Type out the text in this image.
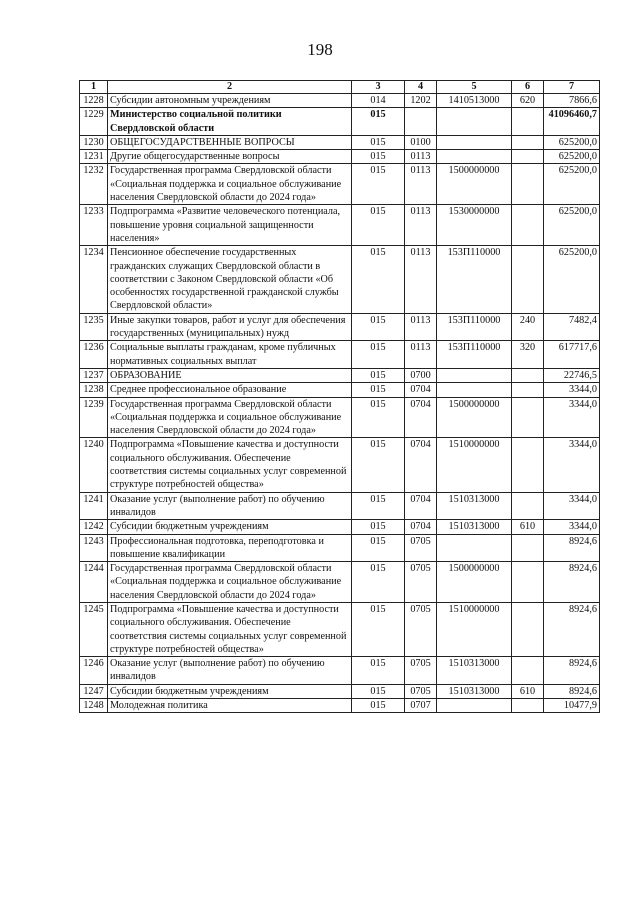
198
1	2	3	4	5	6	7
1228	Субсидии автономным учреждениям	014	1202	1410513000	620	7866,6
1229	Министерство социальной политики Свердловской области	015				41096460,7
1230	ОБЩЕГОСУДАРСТВЕННЫЕ ВОПРОСЫ	015	0100			625200,0
1231	Другие общегосударственные вопросы	015	0113			625200,0
1232	Государственная программа Свердловской области «Социальная поддержка и социальное обслуживание населения Свердловской области до 2024 года»	015	0113	1500000000		625200,0
1233	Подпрограмма «Развитие человеческого потенциала, повышение уровня социальной защищенности населения»	015	0113	1530000000		625200,0
1234	Пенсионное обеспечение государственных гражданских служащих Свердловской области в соответствии с Законом Свердловской области «Об особенностях государственной гражданской службы Свердловской области»	015	0113	153П110000		625200,0
1235	Иные закупки товаров, работ и услуг для обеспечения государственных (муниципальных) нужд	015	0113	153П110000	240	7482,4
1236	Социальные выплаты гражданам, кроме публичных нормативных социальных выплат	015	0113	153П110000	320	617717,6
1237	ОБРАЗОВАНИЕ	015	0700			22746,5
1238	Среднее профессиональное образование	015	0704			3344,0
1239	Государственная программа Свердловской области «Социальная поддержка и социальное обслуживание населения Свердловской области до 2024 года»	015	0704	1500000000		3344,0
1240	Подпрограмма «Повышение качества и доступности социального обслуживания. Обеспечение соответствия системы социальных услуг современной структуре потребностей общества»	015	0704	1510000000		3344,0
1241	Оказание услуг (выполнение работ) по обучению инвалидов	015	0704	1510313000		3344,0
1242	Субсидии бюджетным учреждениям	015	0704	1510313000	610	3344,0
1243	Профессиональная подготовка, переподготовка и повышение квалификации	015	0705			8924,6
1244	Государственная программа Свердловской области «Социальная поддержка и социальное обслуживание населения Свердловской области до 2024 года»	015	0705	1500000000		8924,6
1245	Подпрограмма «Повышение качества и доступности социального обслуживания. Обеспечение соответствия системы социальных услуг современной структуре потребностей общества»	015	0705	1510000000		8924,6
1246	Оказание услуг (выполнение работ) по обучению инвалидов	015	0705	1510313000		8924,6
1247	Субсидии бюджетным учреждениям	015	0705	1510313000	610	8924,6
1248	Молодежная политика	015	0707			10477,9
